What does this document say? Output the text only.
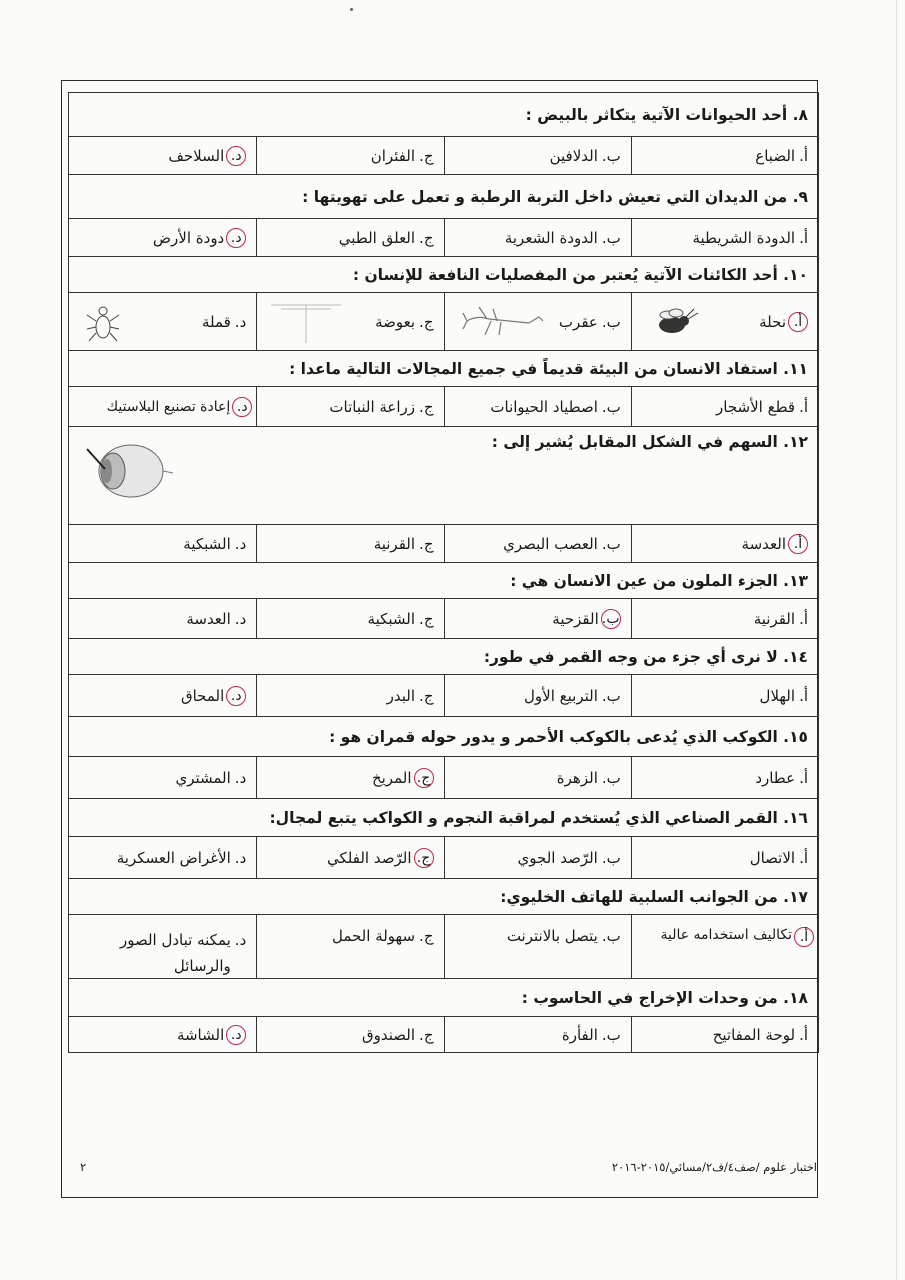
٨. أحد الحيوانات الآتية يتكاثر بالبيض :
أ.
الضباع
ب.
الدلافين
ج.
الفئران
د.
السلاحف
٩. من الديدان التي تعيش داخل التربة الرطبة و تعمل على تهويتها :
أ.
الدودة الشريطية
ب.
الدودة الشعرية
ج.
العلق الطبي
د.
دودة الأرض
١٠. أحد الكائنات الآتية يُعتبر من المفصليات النافعة للإنسان :
أ.
نحلة
ب.
عقرب
ج.
بعوضة
د.
قملة
١١. استفاد الانسان من البيئة قديماً في جميع المجالات التالية ماعدا :
أ.
قطع الأشجار
ب.
اصطياد الحيوانات
ج.
زراعة النباتات
د.
إعادة تصنيع البلاستيك
١٢. السهم في الشكل المقابل يُشير إلى :
أ.
العدسة
ب.
العصب البصري
ج.
القرنية
د.
الشبكية
١٣. الجزء الملون من عين الانسان هي :
أ.
القرنية
ب.
القزحية
ج.
الشبكية
د.
العدسة
١٤. لا نرى أي جزء من وجه القمر في طور:
أ.
الهلال
ب.
التربيع الأول
ج.
البدر
د.
المحاق
١٥. الكوكب الذي يُدعى بالكوكب الأحمر و يدور حوله قمران هو :
أ.
عطارد
ب.
الزهرة
ج.
المريخ
د.
المشتري
١٦. القمر الصناعي الذي يُستخدم لمراقبة النجوم و الكواكب يتبع لمجال:
أ.
الاتصال
ب.
الرّصد الجوي
ج.
الرّصد الفلكي
د.
الأغراض العسكرية
١٧. من الجوانب السلبية للهاتف الخليوي:
أ.
تكاليف استخدامه عالية
ب.
يتصل بالانترنت
ج.
سهولة الحمل
د.
يمكنه تبادل الصور والرسائل
١٨. من وحدات الإخراج في الحاسوب :
أ.
لوحة المفاتيح
ب.
الفأرة
ج.
الصندوق
د.
الشاشة
اختبار علوم /صف٤/ف٢/مسائي/٢٠١٥-٢٠١٦
٢
